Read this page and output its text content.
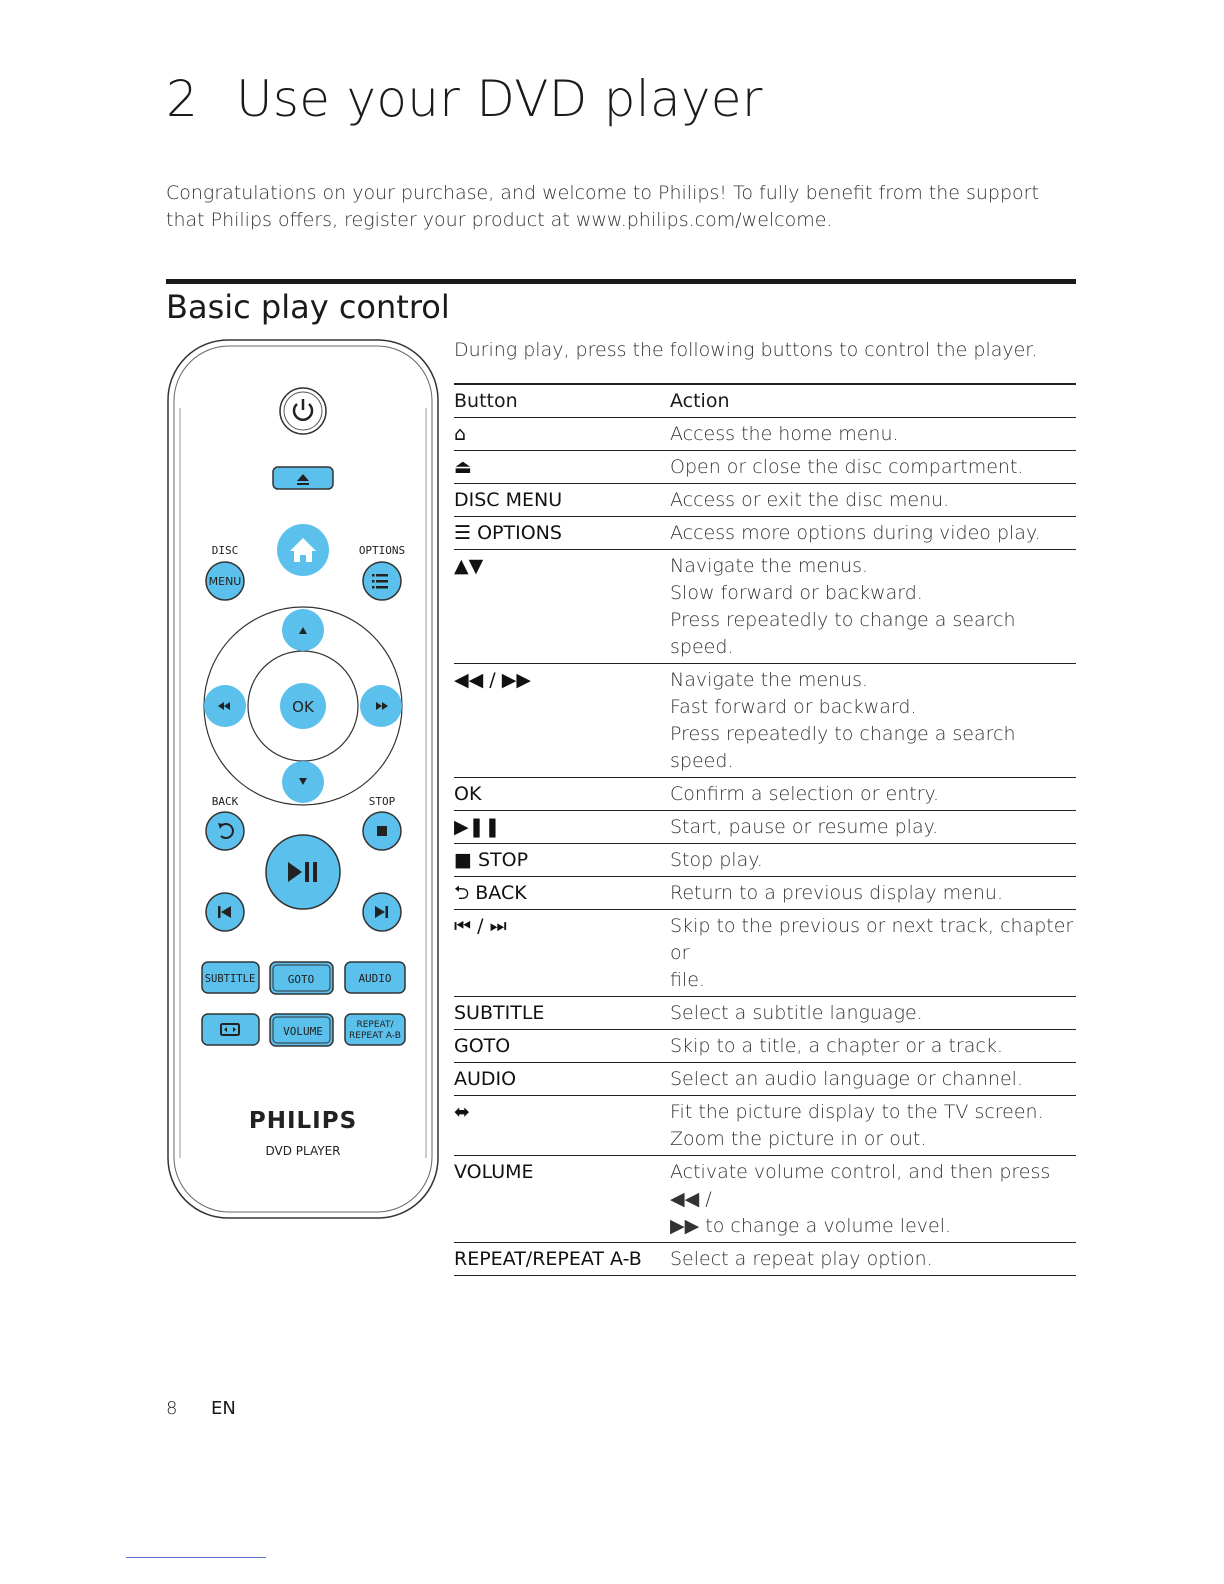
2 Use your DVD player

Congratulations on your purchase, and welcome to Philips! To fully benefit from the support that Philips offers, register your product at www.philips.com/welcome.

Basic play control

During play, press the following buttons to control the player.

DISC
MENU
OPTIONS
OK
BACK	STOP
SUBTITLE	GOTO	AUDIO
VOLUME	REPEAT/
REPEAT A-B
PHILIPS
DVD PLAYER
Button	Action
⌂	Access the home menu.

⏏	Open or close the disc compartment.

DISC MENU	Access or exit the disc menu.

☰ OPTIONS	Access more options during video play.

▲▼	Navigate the menus.
Slow forward or backward.
Press repeatedly to change a search speed.

◀◀ / ▶▶	Navigate the menus.
Fast forward or backward.
Press repeatedly to change a search speed.

OK	Confirm a selection or entry.

▶❚❚	Start, pause or resume play.

■ STOP	Stop play.

⮌ BACK	Return to a previous display menu.

⏮ / ⏭	Skip to the previous or next track, chapter or
file.

SUBTITLE	Select a subtitle language.

GOTO	Skip to a title, a chapter or a track.

AUDIO	Select an audio language or channel.

⬌	Fit the picture display to the TV screen.
Zoom the picture in or out.

VOLUME	Activate volume control, and then press ◀◀ /
▶▶ to change a volume level.

REPEAT/REPEAT A-B	Select a repeat play option.
8 EN
